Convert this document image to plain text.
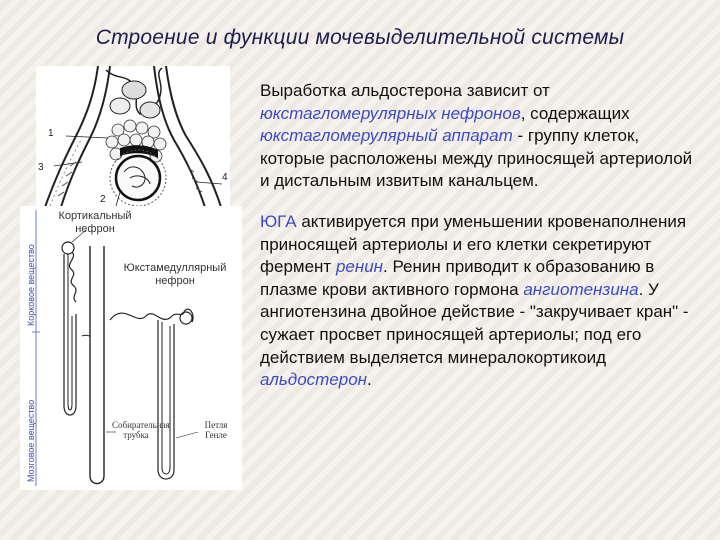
Строение и функции мочевыделительной системы
1
3
2
4
Кортикальный нефрон
Юкстамедуллярный нефрон
Корковое вещество
Мозговое вещество	Собирательная трубка
Петля Генле

Выработка альдостерона зависит от юкстагломерулярных нефронов, содержащих юкстагломерулярный аппарат - группу клеток, которые расположены между приносящей артериолой и дистальным извитым канальцем.

ЮГА активируется при уменьшении кровенаполнения приносящей артериолы и его клетки секретируют фермент ренин. Ренин приводит к образованию в плазме крови активного гормона ангиотензина. У ангиотензина двойное действие - "закручивает кран" - сужает просвет приносящей артериолы; под его действием выделяется минералокортикоид альдостерон.
